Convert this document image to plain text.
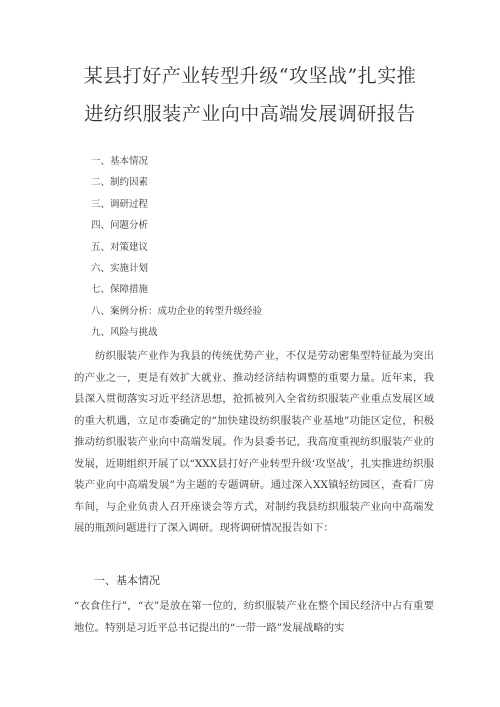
某县打好产业转型升级“攻坚战”扎实推
进纺织服装产业向中高端发展调研报告
一、基本情况
二、制约因素
三、调研过程
四、问题分析
五、对策建议
六、实施计划
七、保障措施
八、案例分析：成功企业的转型升级经验
九、风险与挑战

纺织服装产业作为我县的传统优势产业，不仅是劳动密集型特征最为突出的产业之一，更是有效扩大就业、推动经济结构调整的重要力量。近年来，我县深入贯彻落实习近平经济思想，抢抓被列入全省纺织服装产业重点发展区域的重大机遇，立足市委确定的“加快建设纺织服装产业基地”功能区定位，积极推动纺织服装产业向中高端发展。作为县委书记，我高度重视纺织服装产业的发展，近期组织开展了以“XXX县打好产业转型升级‘攻坚战’，扎实推进纺织服装产业向中高端发展”为主题的专题调研。通过深入XX镇轻纺园区，查看厂房车间，与企业负责人召开座谈会等方式，对制约我县纺织服装产业向中高端发展的瓶颈问题进行了深入调研。现将调研情况报告如下：

一、基本情况

“衣食住行”，“衣”是放在第一位的，纺织服装产业在整个国民经济中占有重要地位。特别是习近平总书记提出的“一带一路”发展战略的实
